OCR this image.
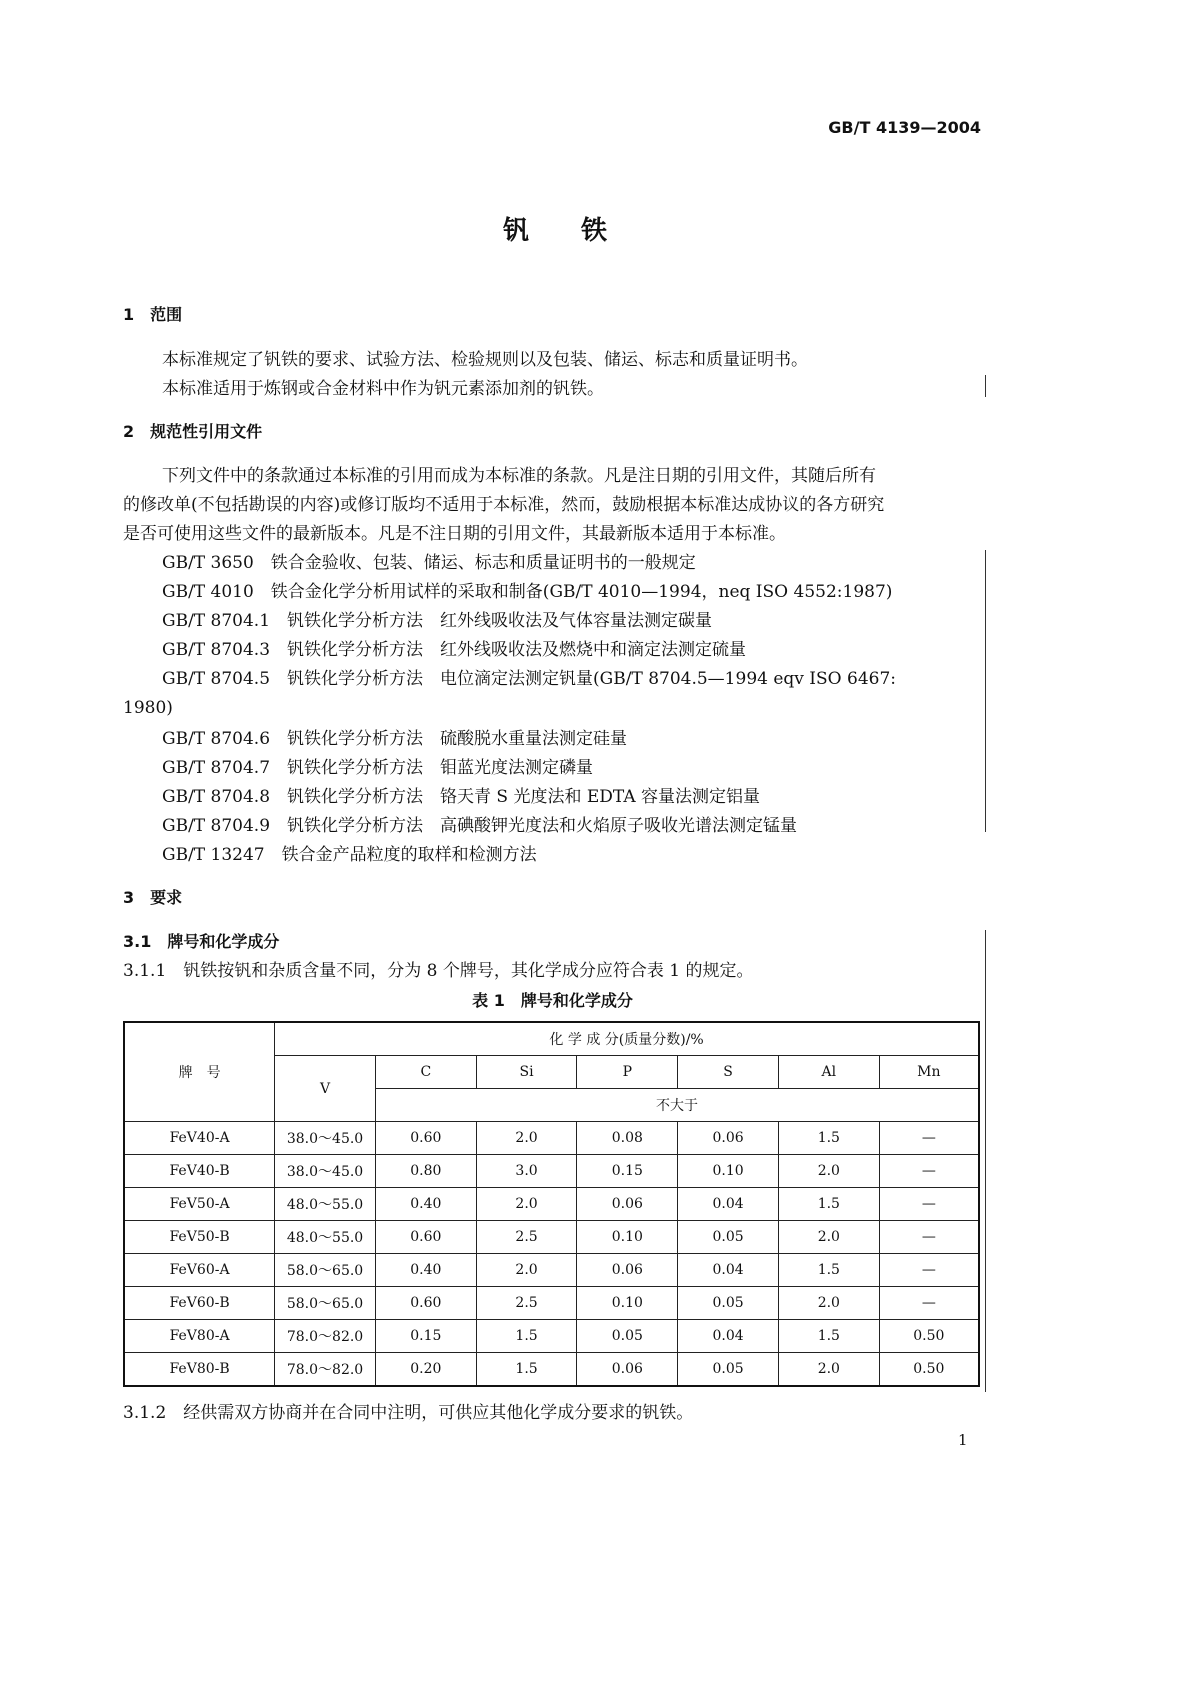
GB/T 4139—2004
钒　　铁
1　范围
本标准规定了钒铁的要求、试验方法、检验规则以及包装、储运、标志和质量证明书。
本标准适用于炼钢或合金材料中作为钒元素添加剂的钒铁。
2　规范性引用文件
下列文件中的条款通过本标准的引用而成为本标准的条款。凡是注日期的引用文件，其随后所有
的修改单(不包括勘误的内容)或修订版均不适用于本标准，然而，鼓励根据本标准达成协议的各方研究
是否可使用这些文件的最新版本。凡是不注日期的引用文件，其最新版本适用于本标准。
GB/T 3650　铁合金验收、包装、储运、标志和质量证明书的一般规定
GB/T 4010　铁合金化学分析用试样的采取和制备(GB/T 4010—1994，neq ISO 4552:1987)
GB/T 8704.1　钒铁化学分析方法　红外线吸收法及气体容量法测定碳量
GB/T 8704.3　钒铁化学分析方法　红外线吸收法及燃烧中和滴定法测定硫量
GB/T 8704.5　钒铁化学分析方法　电位滴定法测定钒量(GB/T 8704.5—1994 eqv ISO 6467:
1980)
GB/T 8704.6　钒铁化学分析方法　硫酸脱水重量法测定硅量
GB/T 8704.7　钒铁化学分析方法　钼蓝光度法测定磷量
GB/T 8704.8　钒铁化学分析方法　铬天青 S 光度法和 EDTA 容量法测定铝量
GB/T 8704.9　钒铁化学分析方法　高碘酸钾光度法和火焰原子吸收光谱法测定锰量
GB/T 13247　铁合金产品粒度的取样和检测方法
3　要求
3.1　牌号和化学成分
3.1.1　钒铁按钒和杂质含量不同，分为 8 个牌号，其化学成分应符合表 1 的规定。
表 1　牌号和化学成分
牌　号	化 学 成 分(质量分数)/%						
	V	C	Si	P	S	Al	Mn
		不大于					
FeV40-A	38.0～45.0	0.60	2.0	0.08	0.06	1.5	—
FeV40-B	38.0～45.0	0.80	3.0	0.15	0.10	2.0	—
FeV50-A	48.0～55.0	0.40	2.0	0.06	0.04	1.5	—
FeV50-B	48.0～55.0	0.60	2.5	0.10	0.05	2.0	—
FeV60-A	58.0～65.0	0.40	2.0	0.06	0.04	1.5	—
FeV60-B	58.0～65.0	0.60	2.5	0.10	0.05	2.0	—
FeV80-A	78.0～82.0	0.15	1.5	0.05	0.04	1.5	0.50
FeV80-B	78.0～82.0	0.20	1.5	0.06	0.05	2.0	0.50
3.1.2　经供需双方协商并在合同中注明，可供应其他化学成分要求的钒铁。
1
